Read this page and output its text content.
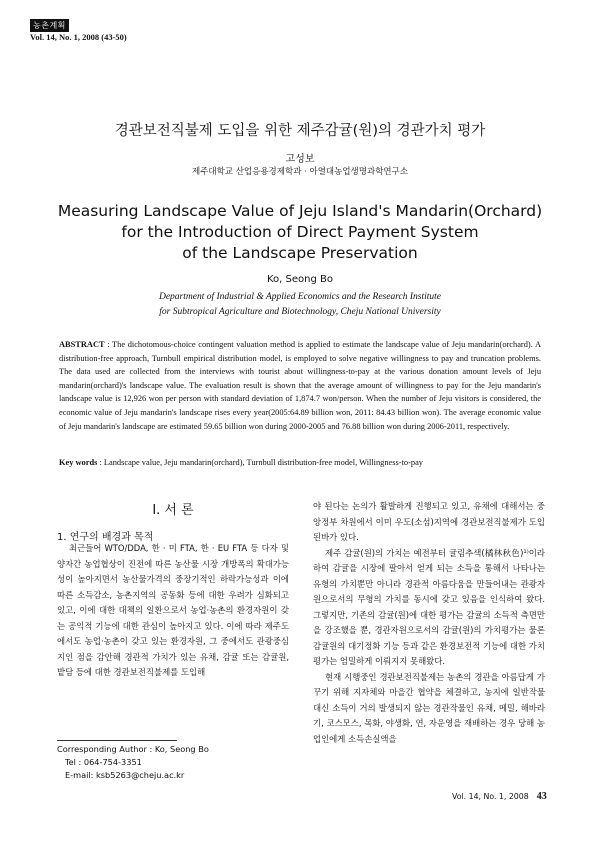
농촌계획
Vol. 14, No. 1, 2008 (43-50)
경관보전직불제 도입을 위한 제주감귤(원)의 경관가치 평가
고성보
제주대학교 산업응용경제학과 · 아열대농업생명과학연구소
Measuring Landscape Value of Jeju Island's Mandarin(Orchard)
for the Introduction of Direct Payment System
of the Landscape Preservation
Ko, Seong Bo
Department of Industrial & Applied Economics and the Research Institute
for Subtropical Agriculture and Biotechnology, Cheju National University
ABSTRACT : The dichotomous-choice contingent valuation method is applied to estimate the landscape value of Jeju mandarin(orchard). A distribution-free approach, Turnbull empirical distribution model, is employed to solve negative willingness to pay and truncation problems. The data used are collected from the interviews with tourist about willingness-to-pay at the various donation amount levels of Jeju mandarin(orchard)'s landscape value. The evaluation result is shown that the average amount of willingness to pay for the Jeju mandarin's landscape value is 12,926 won per person with standard deviation of 1,874.7 won/person. When the number of Jeju visitors is considered, the economic value of Jeju mandarin's landscape rises every year(2005:64.89 billion won, 2011: 84.43 billion won). The average economic value of Jeju mandarin's landscape are estimated 59.65 billion won during 2000-2005 and 76.88 billion won during 2006-2011, respectively.
Key words : Landscape value, Jeju mandarin(orchard), Turnbull distribution-free model, Willingness-to-pay
I. 서 론
1. 연구의 배경과 목적

최근들어 WTO/DDA, 한 · 미 FTA, 한 · EU FTA 등 다자 및 양자간 농업협상이 진전에 따른 농산물 시장 개방폭의 확대가능성이 높아지면서 농산물가격의 중장기적인 하락가능성과 이에 따른 소득감소, 농촌지역의 공동화 등에 대한 우려가 심화되고 있고, 이에 대한 대책의 일환으로서 농업·농촌의 환경자원이 갖는 공익적 기능에 대한 관심이 높아지고 있다. 이에 따라 제주도에서도 농업·농촌이 갖고 있는 환경자원, 그 중에서도 관광중심지인 점을 감안해 경관적 가치가 있는 유채, 감귤 또는 감귤원, 밭담 등에 대한 경관보전직불제를 도입해

야 된다는 논의가 활발하게 진행되고 있고, 유채에 대해서는 중앙정부 차원에서 이미 우도(소섬)지역에 경관보전직불제가 도입된바가 있다.

제주 감귤(원)의 가치는 예전부터 귤림추색(橘林秋色)¹⁾이라하여 감귤을 시장에 팔아서 얻게 되는 소득을 통해서 나타나는 유형의 가치뿐만 아니라 경관적 아름다움을 만들어내는 관광자원으로서의 무형의 가치를 동시에 갖고 있음을 인식하여 왔다. 그렇지만, 기존의 감귤(원)에 대한 평가는 감귤의 소득적 측면만을 강조했을 뿐, 경관자원으로서의 감귤(원)의 가치평가는 물론 감귤원의 대기정화 기능 등과 같은 환경보전적 기능에 대한 가치평가는 엄밀하게 이뤄지지 못해왔다.

현재 시행중인 경관보전직불제는 농촌의 경관을 아름답게 가꾸기 위해 지자체와 마을간 협약을 체결하고, 농지에 일반작물 대신 소득이 거의 발생되지 않는 경관작물인 유채, 메밀, 해바라기, 코스모스, 목화, 야생화, 연, 자운영을 재배하는 경우 당해 농업인에게 소득손실액을

Corresponding Author : Ko, Seong Bo
Tel : 064-754-3351
E-mail: ksb5263@cheju.ac.kr
Vol. 14, No. 1, 2008 43
